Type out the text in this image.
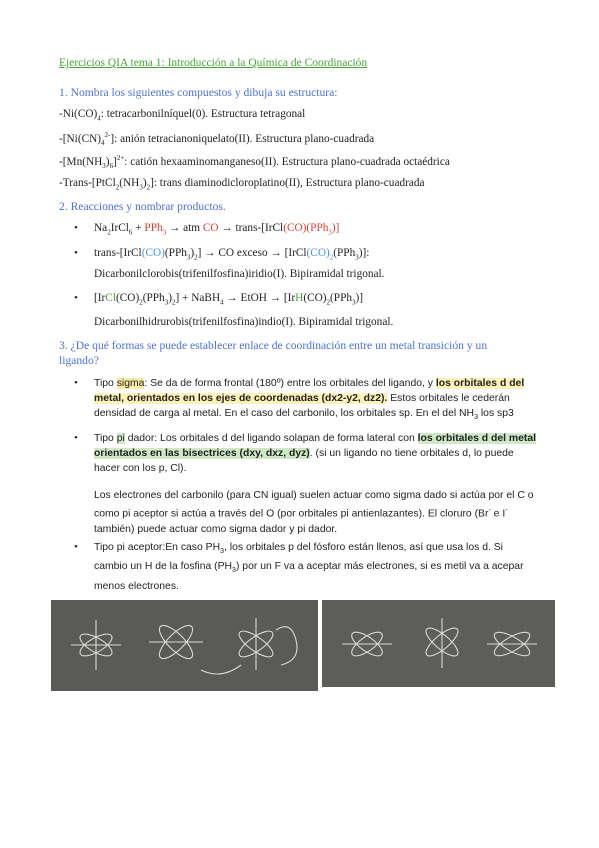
Ejercicios QIA tema 1: Introducción a la Química de Coordinación
1. Nombra los siguientes compuestos y dibuja su estructura:
$-Ni(CO)_4$: tetracarbonilníquel(0). Estructura tetragonal
$-[Ni(CN)_4^{2-}]$: anión tetracianoniquelato(II). Estructura plano-cuadrada
$-[Mn(NH_3)_6]^{2+}$: catión hexaaminomanganeso(II). Estructura plano-cuadrada octaédrica
$-Trans-[PtCl_2(NH_3)_2]$: trans diaminodicloroplatino(II), Estructura plano-cuadrada
2. Reacciones y nombrar productos.
• $Na_2IrCl_6 + PPh_3$ → atm CO → trans-[IrCl(CO)(PPh$_3$)]
• trans-$[IrCl(CO)(PPh_3)_2]$ → CO exceso → $[IrCl(CO)_2(PPh_3)]$:
Dicarbonilclorobis(trifenilfosfina)iridio(I). Bipiramidal trigonal.
• $[IrCl(CO)_2(PPh_3)_2]$ + NaBH$_4$ → EtOH → $[IrH(CO)_2(PPh_3)]$
Dicarbonilhidrurobis(trifenilfosfina)indio(I). Bipiramidal trigonal.
3. ¿De qué formas se puede establecer enlace de coordinación entre un metal transición y un
ligando?
• Tipo sigma: Se da de forma frontal (180º) entre los orbitales del ligando, y los orbitales d del metal, orientados en los ejes de coordenadas (dx2-y2, dz2). Estos orbitales le cederán densidad de carga al metal. En el caso del carbonilo, los orbitales sp. En el del $NH_3$ los sp3
• Tipo pi dador: Los orbitales d del ligando solapan de forma lateral con los orbitales d del metal orientados en las bisectrices (dxy, dxz, dyz). (si un ligando no tiene orbitales d, lo puede hacer con los p, Cl).
Los electrones del carbonilo (para CN igual) suelen actuar como sigma dado si actúa por el C o como pi aceptor si actúa a través del O (por orbitales pi antienlazantes). El cloruro (Br- e I- también) puede actuar como sigma dador y pi dador.
• Tipo pi aceptor:En caso $PH_3$, los orbitales p del fósforo están llenos, así que usa los d. Si cambio un H de la fosfina $(PH_3)$ por un F va a aceptar más electrones, si es metil va a acepar menos electrones.
